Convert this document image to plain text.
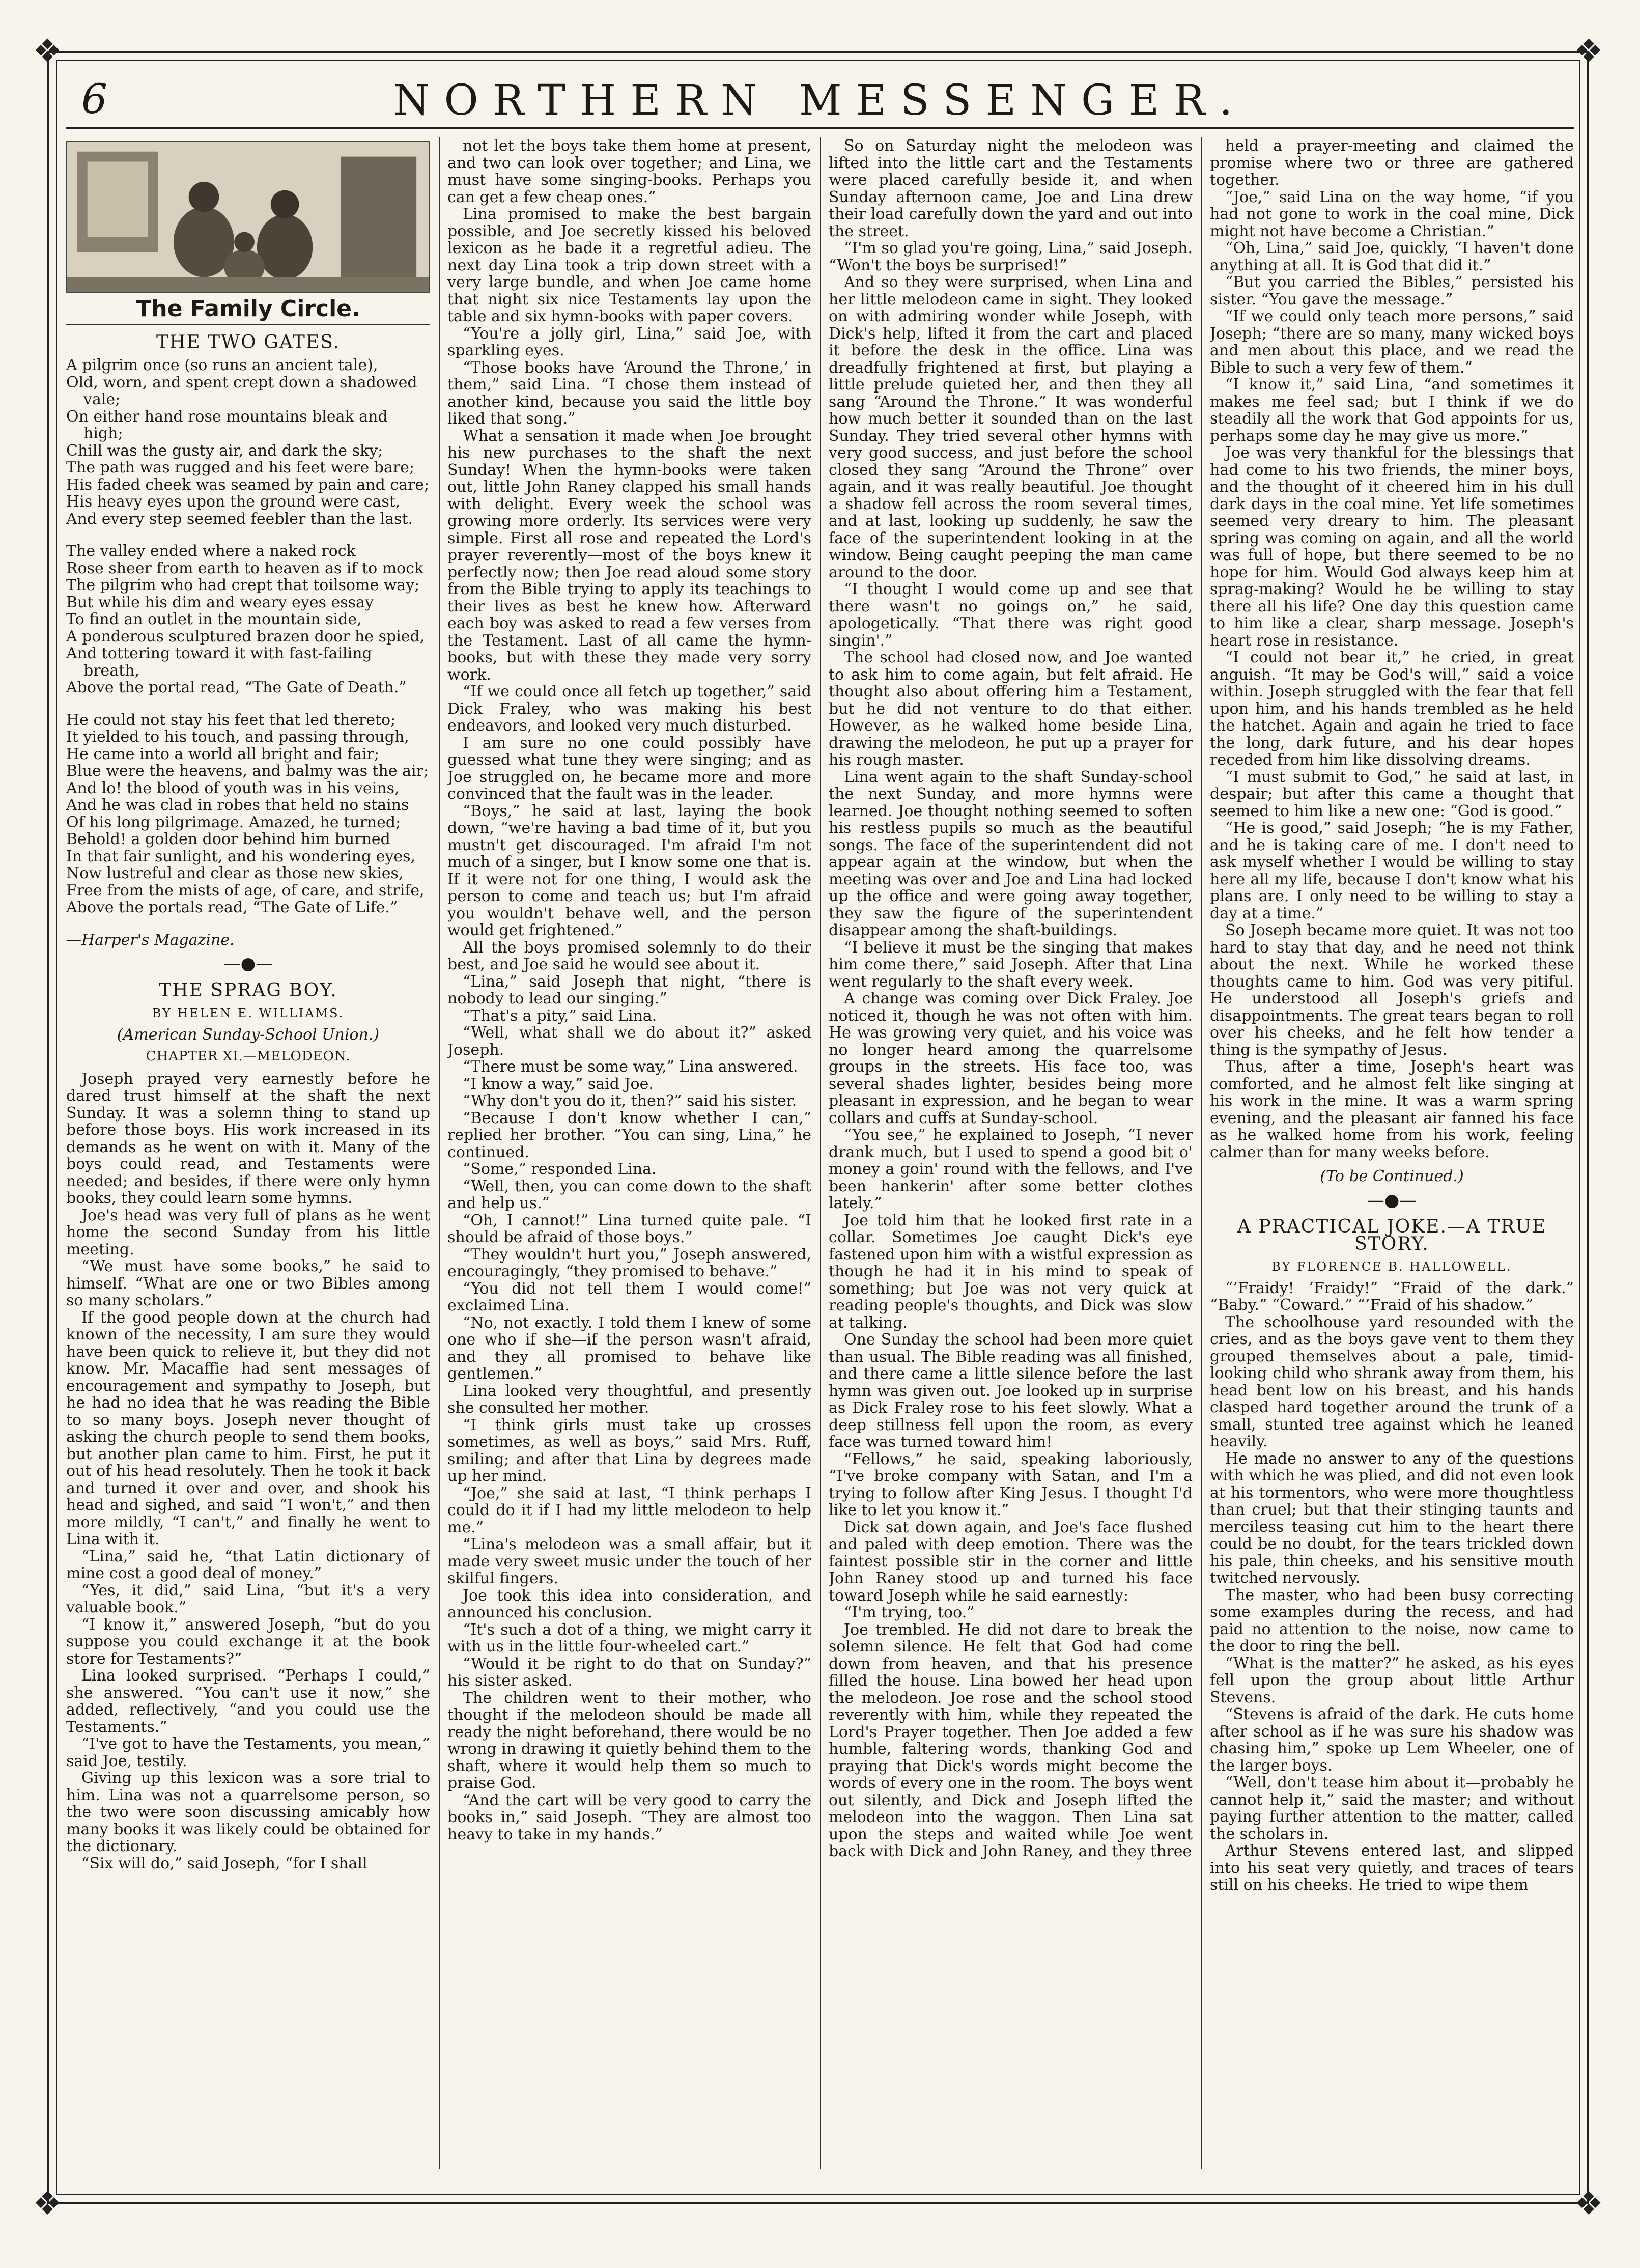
❖	❖
❖	❖
6	NORTHERN MESSENGER.
The Family Circle.
THE TWO GATES.

A pilgrim once (so runs an ancient tale),

Old, worn, and spent crept down a shadowed vale;

On either hand rose mountains bleak and high;

Chill was the gusty air, and dark the sky;

The path was rugged and his feet were bare;

His faded cheek was seamed by pain and care;

His heavy eyes upon the ground were cast,

And every step seemed feebler than the last.

The valley ended where a naked rock

Rose sheer from earth to heaven as if to mock

The pilgrim who had crept that toilsome way;

But while his dim and weary eyes essay

To find an outlet in the mountain side,

A ponderous sculptured brazen door he spied,

And tottering toward it with fast-failing breath,

Above the portal read, “The Gate of Death.”

He could not stay his feet that led thereto;

It yielded to his touch, and passing through,

He came into a world all bright and fair;

Blue were the heavens, and balmy was the air;

And lo! the blood of youth was in his veins,

And he was clad in robes that held no stains

Of his long pilgrimage. Amazed, he turned;

Behold! a golden door behind him burned

In that fair sunlight, and his wondering eyes,

Now lustreful and clear as those new skies,

Free from the mists of age, of care, and strife,

Above the portals read, “The Gate of Life.”

—Harper's Magazine.
—●—
THE SPRAG BOY.
BY HELEN E. WILLIAMS.
(American Sunday-School Union.)
CHAPTER XI.—MELODEON.

Joseph prayed very earnestly before he dared trust himself at the shaft the next Sunday. It was a solemn thing to stand up before those boys. His work increased in its demands as he went on with it. Many of the boys could read, and Testaments were needed; and besides, if there were only hymn books, they could learn some hymns.

Joe's head was very full of plans as he went home the second Sunday from his little meeting.

“We must have some books,” he said to himself. “What are one or two Bibles among so many scholars.”

If the good people down at the church had known of the necessity, I am sure they would have been quick to relieve it, but they did not know. Mr. Macaffie had sent messages of encouragement and sympathy to Joseph, but he had no idea that he was reading the Bible to so many boys. Joseph never thought of asking the church people to send them books, but another plan came to him. First, he put it out of his head resolutely. Then he took it back and turned it over and over, and shook his head and sighed, and said “I won't,” and then more mildly, “I can't,” and finally he went to Lina with it.

“Lina,” said he, “that Latin dictionary of mine cost a good deal of money.”

“Yes, it did,” said Lina, “but it's a very valuable book.”

“I know it,” answered Joseph, “but do you suppose you could exchange it at the book store for Testaments?”

Lina looked surprised. “Perhaps I could,” she answered. “You can't use it now,” she added, reflectively, “and you could use the Testaments.”

“I've got to have the Testaments, you mean,” said Joe, testily.

Giving up this lexicon was a sore trial to him. Lina was not a quarrelsome person, so the two were soon discussing amicably how many books it was likely could be obtained for the dictionary.

“Six will do,” said Joseph, “for I shall

not let the boys take them home at present, and two can look over together; and Lina, we must have some singing-books. Perhaps you can get a few cheap ones.”

Lina promised to make the best bargain possible, and Joe secretly kissed his beloved lexicon as he bade it a regretful adieu. The next day Lina took a trip down street with a very large bundle, and when Joe came home that night six nice Testaments lay upon the table and six hymn-books with paper covers.

“You're a jolly girl, Lina,” said Joe, with sparkling eyes.

“Those books have ‘Around the Throne,’ in them,” said Lina. “I chose them instead of another kind, because you said the little boy liked that song.”

What a sensation it made when Joe brought his new purchases to the shaft the next Sunday! When the hymn-books were taken out, little John Raney clapped his small hands with delight. Every week the school was growing more orderly. Its services were very simple. First all rose and repeated the Lord's prayer reverently—most of the boys knew it perfectly now; then Joe read aloud some story from the Bible trying to apply its teachings to their lives as best he knew how. Afterward each boy was asked to read a few verses from the Testament. Last of all came the hymn-books, but with these they made very sorry work.

“If we could once all fetch up together,” said Dick Fraley, who was making his best endeavors, and looked very much disturbed.

I am sure no one could possibly have guessed what tune they were singing; and as Joe struggled on, he became more and more convinced that the fault was in the leader.

“Boys,” he said at last, laying the book down, “we're having a bad time of it, but you mustn't get discouraged. I'm afraid I'm not much of a singer, but I know some one that is. If it were not for one thing, I would ask the person to come and teach us; but I'm afraid you wouldn't behave well, and the person would get frightened.”

All the boys promised solemnly to do their best, and Joe said he would see about it.

“Lina,” said Joseph that night, “there is nobody to lead our singing.”

“That's a pity,” said Lina.

“Well, what shall we do about it?” asked Joseph.

“There must be some way,” Lina answered.

“I know a way,” said Joe.

“Why don't you do it, then?” said his sister.

“Because I don't know whether I can,” replied her brother. “You can sing, Lina,” he continued.

“Some,” responded Lina.

“Well, then, you can come down to the shaft and help us.”

“Oh, I cannot!” Lina turned quite pale. “I should be afraid of those boys.”

“They wouldn't hurt you,” Joseph answered, encouragingly, “they promised to behave.”

“You did not tell them I would come!” exclaimed Lina.

“No, not exactly. I told them I knew of some one who if she—if the person wasn't afraid, and they all promised to behave like gentlemen.”

Lina looked very thoughtful, and presently she consulted her mother.

“I think girls must take up crosses sometimes, as well as boys,” said Mrs. Ruff, smiling; and after that Lina by degrees made up her mind.

“Joe,” she said at last, “I think perhaps I could do it if I had my little melodeon to help me.”

“Lina's melodeon was a small affair, but it made very sweet music under the touch of her skilful fingers.

Joe took this idea into consideration, and announced his conclusion.

“It's such a dot of a thing, we might carry it with us in the little four-wheeled cart.”

“Would it be right to do that on Sunday?” his sister asked.

The children went to their mother, who thought if the melodeon should be made all ready the night beforehand, there would be no wrong in drawing it quietly behind them to the shaft, where it would help them so much to praise God.

“And the cart will be very good to carry the books in,” said Joseph. “They are almost too heavy to take in my hands.”

So on Saturday night the melodeon was lifted into the little cart and the Testaments were placed carefully beside it, and when Sunday afternoon came, Joe and Lina drew their load carefully down the yard and out into the street.

“I'm so glad you're going, Lina,” said Joseph. “Won't the boys be surprised!”

And so they were surprised, when Lina and her little melodeon came in sight. They looked on with admiring wonder while Joseph, with Dick's help, lifted it from the cart and placed it before the desk in the office. Lina was dreadfully frightened at first, but playing a little prelude quieted her, and then they all sang “Around the Throne.” It was wonderful how much better it sounded than on the last Sunday. They tried several other hymns with very good success, and just before the school closed they sang “Around the Throne” over again, and it was really beautiful. Joe thought a shadow fell across the room several times, and at last, looking up suddenly, he saw the face of the superintendent looking in at the window. Being caught peeping the man came around to the door.

“I thought I would come up and see that there wasn't no goings on,” he said, apologetically. “That there was right good singin'.”

The school had closed now, and Joe wanted to ask him to come again, but felt afraid. He thought also about offering him a Testament, but he did not venture to do that either. However, as he walked home beside Lina, drawing the melodeon, he put up a prayer for his rough master.

Lina went again to the shaft Sunday-school the next Sunday, and more hymns were learned. Joe thought nothing seemed to soften his restless pupils so much as the beautiful songs. The face of the superintendent did not appear again at the window, but when the meeting was over and Joe and Lina had locked up the office and were going away together, they saw the figure of the superintendent disappear among the shaft-buildings.

“I believe it must be the singing that makes him come there,” said Joseph. After that Lina went regularly to the shaft every week.

A change was coming over Dick Fraley. Joe noticed it, though he was not often with him. He was growing very quiet, and his voice was no longer heard among the quarrelsome groups in the streets. His face too, was several shades lighter, besides being more pleasant in expression, and he began to wear collars and cuffs at Sunday-school.

“You see,” he explained to Joseph, “I never drank much, but I used to spend a good bit o' money a goin' round with the fellows, and I've been hankerin' after some better clothes lately.”

Joe told him that he looked first rate in a collar. Sometimes Joe caught Dick's eye fastened upon him with a wistful expression as though he had it in his mind to speak of something; but Joe was not very quick at reading people's thoughts, and Dick was slow at talking.

One Sunday the school had been more quiet than usual. The Bible reading was all finished, and there came a little silence before the last hymn was given out. Joe looked up in surprise as Dick Fraley rose to his feet slowly. What a deep stillness fell upon the room, as every face was turned toward him!

“Fellows,” he said, speaking laboriously, “I've broke company with Satan, and I'm a trying to follow after King Jesus. I thought I'd like to let you know it.”

Dick sat down again, and Joe's face flushed and paled with deep emotion. There was the faintest possible stir in the corner and little John Raney stood up and turned his face toward Joseph while he said earnestly:

“I'm trying, too.”

Joe trembled. He did not dare to break the solemn silence. He felt that God had come down from heaven, and that his presence filled the house. Lina bowed her head upon the melodeon. Joe rose and the school stood reverently with him, while they repeated the Lord's Prayer together. Then Joe added a few humble, faltering words, thanking God and praying that Dick's words might become the words of every one in the room. The boys went out silently, and Dick and Joseph lifted the melodeon into the waggon. Then Lina sat upon the steps and waited while Joe went back with Dick and John Raney, and they three

held a prayer-meeting and claimed the promise where two or three are gathered together.

“Joe,” said Lina on the way home, “if you had not gone to work in the coal mine, Dick might not have become a Christian.”

“Oh, Lina,” said Joe, quickly, “I haven't done anything at all. It is God that did it.”

“But you carried the Bibles,” persisted his sister. “You gave the message.”

“If we could only teach more persons,” said Joseph; “there are so many, many wicked boys and men about this place, and we read the Bible to such a very few of them.”

“I know it,” said Lina, “and sometimes it makes me feel sad; but I think if we do steadily all the work that God appoints for us, perhaps some day he may give us more.”

Joe was very thankful for the blessings that had come to his two friends, the miner boys, and the thought of it cheered him in his dull dark days in the coal mine. Yet life sometimes seemed very dreary to him. The pleasant spring was coming on again, and all the world was full of hope, but there seemed to be no hope for him. Would God always keep him at sprag-making? Would he be willing to stay there all his life? One day this question came to him like a clear, sharp message. Joseph's heart rose in resistance.

“I could not bear it,” he cried, in great anguish. “It may be God's will,” said a voice within. Joseph struggled with the fear that fell upon him, and his hands trembled as he held the hatchet. Again and again he tried to face the long, dark future, and his dear hopes receded from him like dissolving dreams.

“I must submit to God,” he said at last, in despair; but after this came a thought that seemed to him like a new one: “God is good.”

“He is good,” said Joseph; “he is my Father, and he is taking care of me. I don't need to ask myself whether I would be willing to stay here all my life, because I don't know what his plans are. I only need to be willing to stay a day at a time.”

So Joseph became more quiet. It was not too hard to stay that day, and he need not think about the next. While he worked these thoughts came to him. God was very pitiful. He understood all Joseph's griefs and disappointments. The great tears began to roll over his cheeks, and he felt how tender a thing is the sympathy of Jesus.

Thus, after a time, Joseph's heart was comforted, and he almost felt like singing at his work in the mine. It was a warm spring evening, and the pleasant air fanned his face as he walked home from his work, feeling calmer than for many weeks before.

(To be Continued.)
—●—
A PRACTICAL JOKE.—A TRUE STORY.
BY FLORENCE B. HALLOWELL.

“’Fraidy! ’Fraidy!” “Fraid of the dark.” “Baby.” “Coward.” “’Fraid of his shadow.”

The schoolhouse yard resounded with the cries, and as the boys gave vent to them they grouped themselves about a pale, timid-looking child who shrank away from them, his head bent low on his breast, and his hands clasped hard together around the trunk of a small, stunted tree against which he leaned heavily.

He made no answer to any of the questions with which he was plied, and did not even look at his tormentors, who were more thoughtless than cruel; but that their stinging taunts and merciless teasing cut him to the heart there could be no doubt, for the tears trickled down his pale, thin cheeks, and his sensitive mouth twitched nervously.

The master, who had been busy correcting some examples during the recess, and had paid no attention to the noise, now came to the door to ring the bell.

“What is the matter?” he asked, as his eyes fell upon the group about little Arthur Stevens.

“Stevens is afraid of the dark. He cuts home after school as if he was sure his shadow was chasing him,” spoke up Lem Wheeler, one of the larger boys.

“Well, don't tease him about it—probably he cannot help it,” said the master; and without paying further attention to the matter, called the scholars in.

Arthur Stevens entered last, and slipped into his seat very quietly, and traces of tears still on his cheeks. He tried to wipe them
